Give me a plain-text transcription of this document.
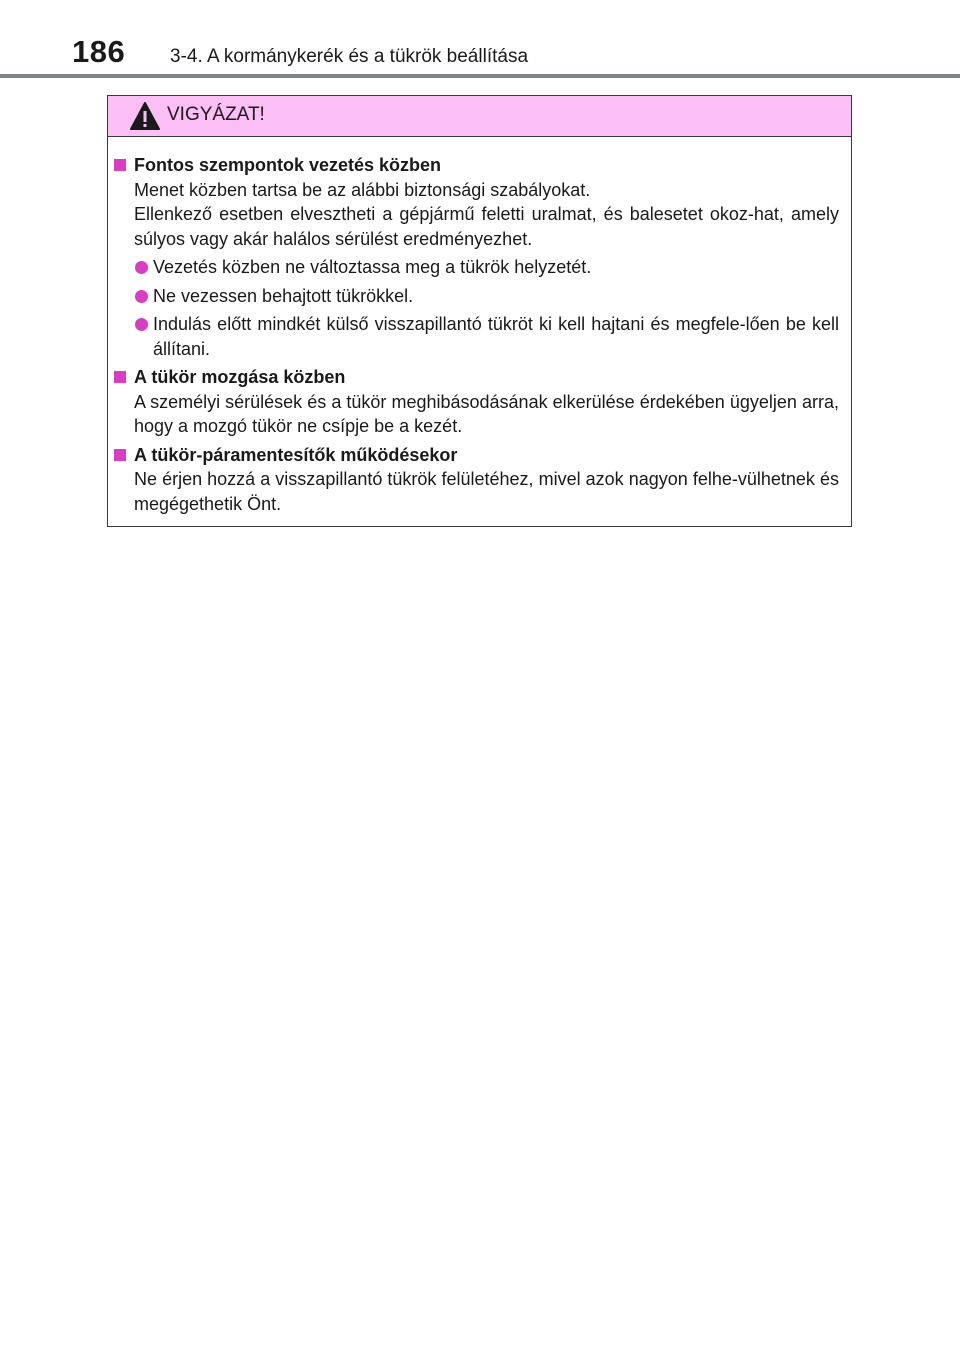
186 3-4. A kormánykerék és a tükrök beállítása
VIGYÁZAT!
Fontos szempontok vezetés közben
Menet közben tartsa be az alábbi biztonsági szabályokat.
Ellenkező esetben elvesztheti a gépjármű feletti uralmat, és balesetet okoz-hat, amely súlyos vagy akár halálos sérülést eredményezhet.
Vezetés közben ne változtassa meg a tükrök helyzetét.
Ne vezessen behajtott tükrökkel.
Indulás előtt mindkét külső visszapillantó tükröt ki kell hajtani és megfele-lően be kell állítani.
A tükör mozgása közben
A személyi sérülések és a tükör meghibásodásának elkerülése érdekében ügyeljen arra, hogy a mozgó tükör ne csípje be a kezét.
A tükör-páramentesítők működésekor
Ne érjen hozzá a visszapillantó tükrök felületéhez, mivel azok nagyon felhe-vülhetnek és megégethetik Önt.
